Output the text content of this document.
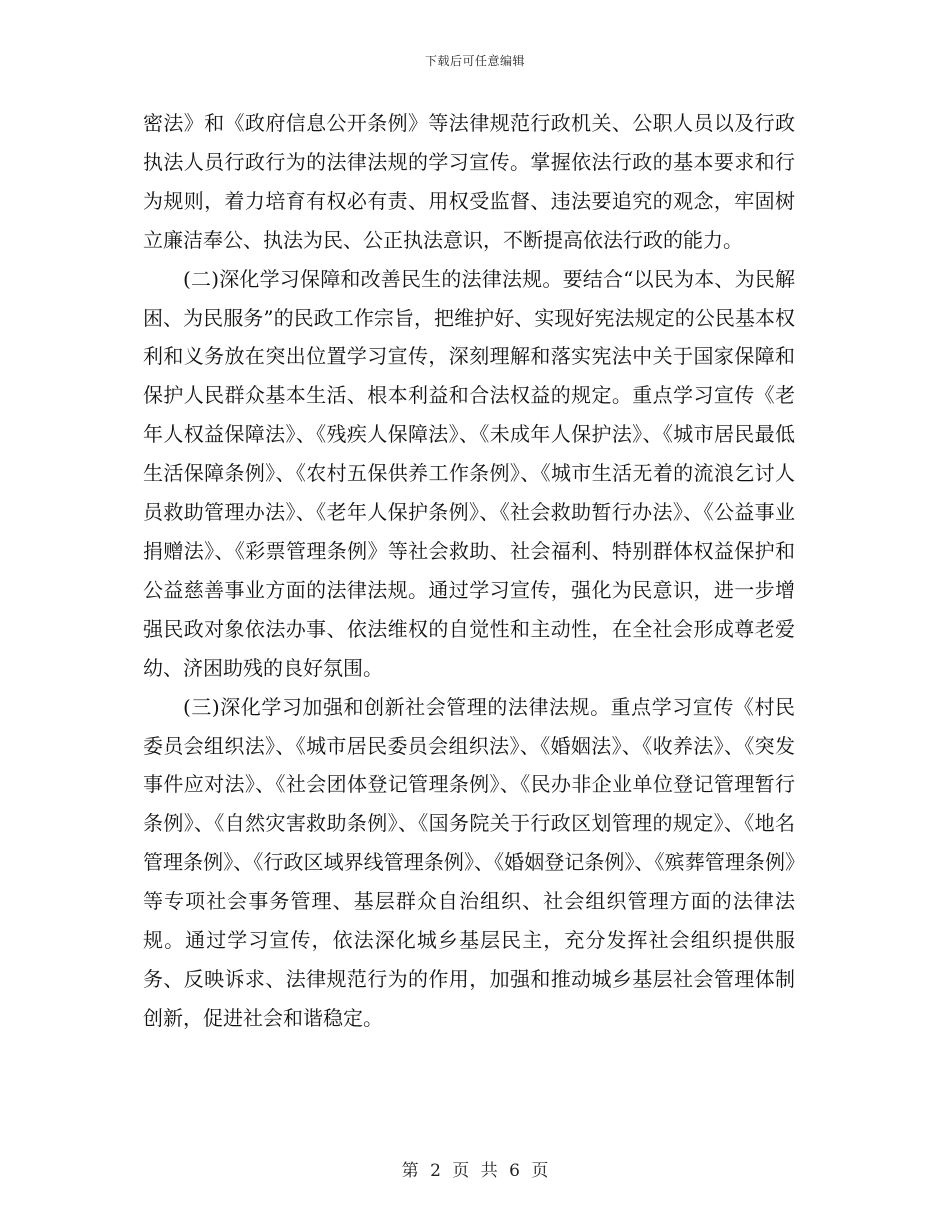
下载后可任意编辑

密法》和《政府信息公开条例》等法律规范行政机关、公职人员以及行政执法人员行政行为的法律法规的学习宣传。掌握依法行政的基本要求和行为规则，着力培育有权必有责、用权受监督、违法要追究的观念，牢固树立廉洁奉公、执法为民、公正执法意识，不断提高依法行政的能力。

(二)深化学习保障和改善民生的法律法规。要结合“以民为本、为民解困、为民服务”的民政工作宗旨，把维护好、实现好宪法规定的公民基本权利和义务放在突出位置学习宣传，深刻理解和落实宪法中关于国家保障和保护人民群众基本生活、根本利益和合法权益的规定。重点学习宣传《老年人权益保障法》、《残疾人保障法》、《未成年人保护法》、《城市居民最低生活保障条例》、《农村五保供养工作条例》、《城市生活无着的流浪乞讨人员救助管理办法》、《老年人保护条例》、《社会救助暂行办法》、《公益事业捐赠法》、《彩票管理条例》等社会救助、社会福利、特别群体权益保护和公益慈善事业方面的法律法规。通过学习宣传，强化为民意识，进一步增强民政对象依法办事、依法维权的自觉性和主动性，在全社会形成尊老爱幼、济困助残的良好氛围。

(三)深化学习加强和创新社会管理的法律法规。重点学习宣传《村民委员会组织法》、《城市居民委员会组织法》、《婚姻法》、《收养法》、《突发事件应对法》、《社会团体登记管理条例》、《民办非企业单位登记管理暂行条例》、《自然灾害救助条例》、《国务院关于行政区划管理的规定》、《地名管理条例》、《行政区域界线管理条例》、《婚姻登记条例》、《殡葬管理条例》等专项社会事务管理、基层群众自治组织、社会组织管理方面的法律法规。通过学习宣传，依法深化城乡基层民主，充分发挥社会组织提供服务、反映诉求、法律规范行为的作用，加强和推动城乡基层社会管理体制创新，促进社会和谐稳定。

第 2 页 共 6 页
